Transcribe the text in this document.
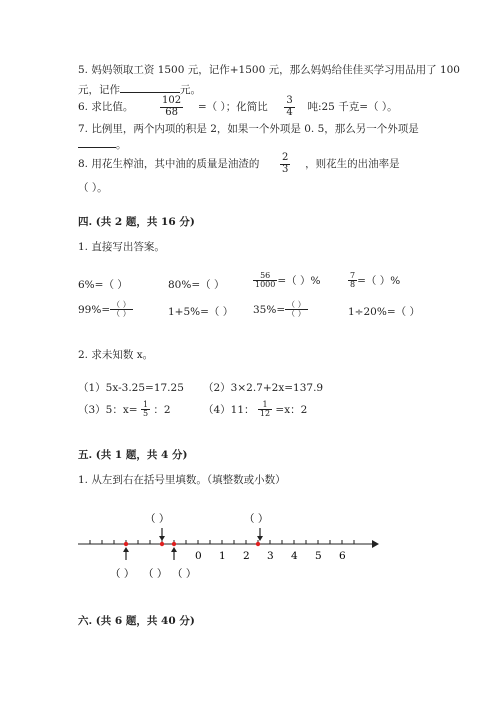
5. 妈妈领取工资 1500 元，记作+1500 元，那么妈妈给佳佳买学习用品用了 100
元，记作	元。
6. 求比值。	$\frac{102}{68}$ =（ ）；化简比 $\frac{3}{4}$ 吨:25 千克=（ ）。
7. 比例里，两个内项的积是 2，如果一个外项是 0. 5，那么另一个外项是
。
8. 用花生榨油，其中油的质量是油渣的 $\frac{2}{3}$ ，则花生的出油率是
（ ）。
四. (共 2 题，共 16 分)
1. 直接写出答案。
6%=（ ）	80%=（ ）	$\frac{56}{1000}$ =（ ）%	$\frac{7}{8}$ =（ ）%
$99\%= \frac{( )}{( )}$	1+5%=（ ） $35\%= \frac{( )}{( )}$	1÷20%=（ ）
2. 求未知数 x。
（1）5x-3.25=17.25 （2）3×2.7+2x=137.9
（3）5：$x= \frac{1}{5}$ ：2	（4）11： $\frac{1}{12} =x$：2
五. (共 1 题，共 4 分)
1. 从左到右在括号里填数。（填整数或小数）
（ ）	（ ）
0 1 2 3 4 5 6
（ ） （ ） （ ）
六. (共 6 题，共 40 分)
